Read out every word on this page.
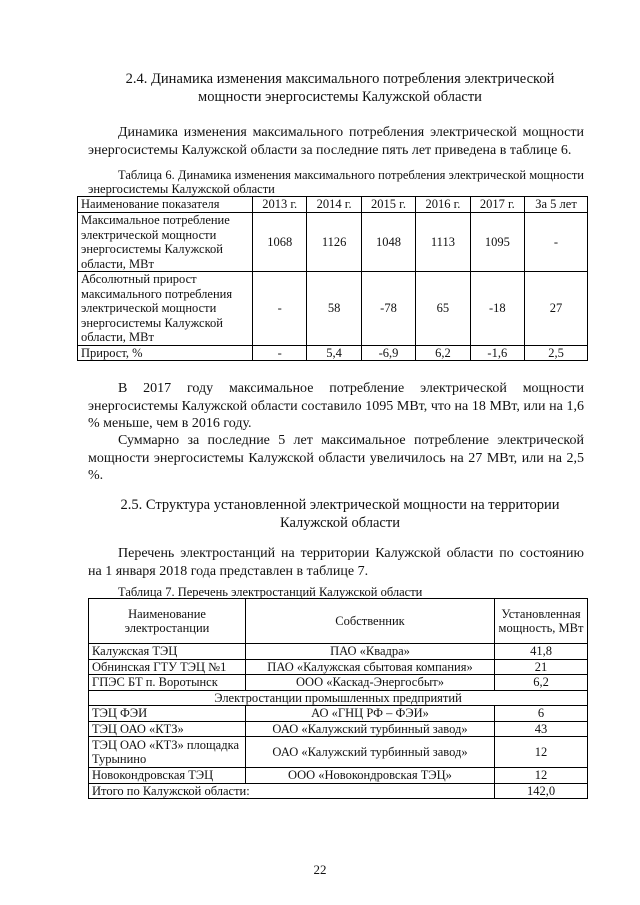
2.4. Динамика изменения максимального потребления электрической
мощности энергосистемы Калужской области
Динамика изменения максимального потребления электрической мощности энергосистемы Калужской области за последние пять лет приведена в таблице 6.
Таблица 6. Динамика изменения максимального потребления электрической мощности энергосистемы Калужской области
Наименование показателя	2013 г.	2014 г.	2015 г.	2016 г.	2017 г.	За 5 лет
Максимальное потребление электрической мощности энергосистемы Калужской области, МВт	1068	1126	1048	1113	1095	-
Абсолютный прирост максимального потребления электрической мощности энергосистемы Калужской области, МВт	-	58	-78	65	-18	27
Прирост, %	-	5,4	-6,9	6,2	-1,6	2,5
В 2017 году максимальное потребление электрической мощности энергосистемы Калужской области составило 1095 МВт, что на 18 МВт, или на 1,6 % меньше, чем в 2016 году.
Суммарно за последние 5 лет максимальное потребление электрической мощности энергосистемы Калужской области увеличилось на 27 МВт, или на 2,5 %.
2.5. Структура установленной электрической мощности на территории
Калужской области
Перечень электростанций на территории Калужской области по состоянию на 1 января 2018 года представлен в таблице 7.
Таблица 7. Перечень электростанций Калужской области
Наименование электростанции	Собственник	Установленная мощность, МВт
Калужская ТЭЦ	ПАО «Квадра»	41,8
Обнинская ГТУ ТЭЦ №1	ПАО «Калужская сбытовая компания»	21
ГПЭС БТ п. Воротынск	ООО «Каскад-Энергосбыт»	6,2
Электростанции промышленных предприятий		
ТЭЦ ФЭИ	АО «ГНЦ РФ – ФЭИ»	6
ТЭЦ ОАО «КТЗ»	ОАО «Калужский турбинный завод»	43
ТЭЦ ОАО «КТЗ» площадка Турынино	ОАО «Калужский турбинный завод»	12
Новокондровская ТЭЦ	ООО «Новокондровская ТЭЦ»	12
Итого по Калужской области:		142,0
22
